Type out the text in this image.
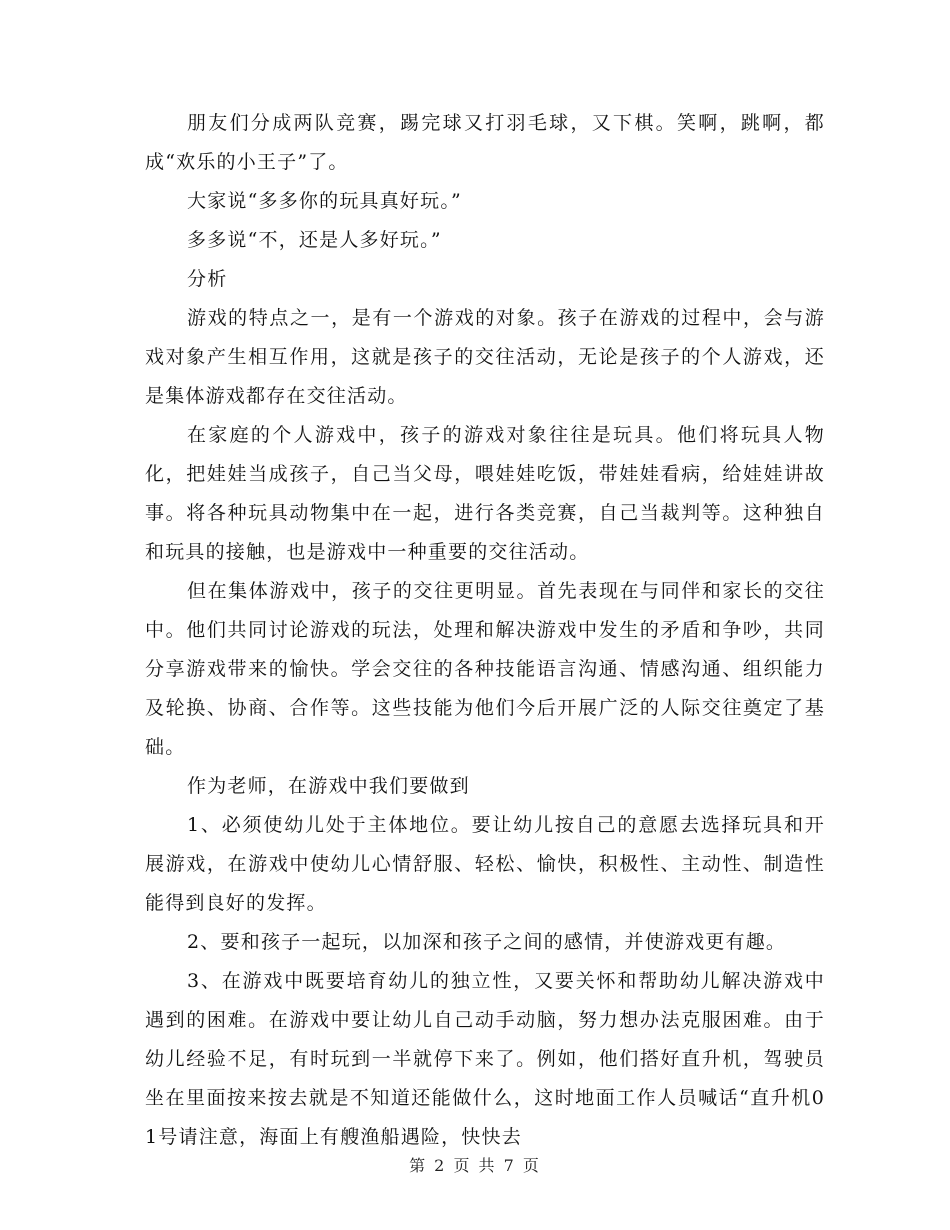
朋友们分成两队竞赛，踢完球又打羽毛球，又下棋。笑啊，跳啊，都成“欢乐的小王子”了。

大家说“多多你的玩具真好玩。”

多多说“不，还是人多好玩。”

分析

游戏的特点之一，是有一个游戏的对象。孩子在游戏的过程中，会与游戏对象产生相互作用，这就是孩子的交往活动，无论是孩子的个人游戏，还是集体游戏都存在交往活动。

在家庭的个人游戏中，孩子的游戏对象往往是玩具。他们将玩具人物化，把娃娃当成孩子，自己当父母，喂娃娃吃饭，带娃娃看病，给娃娃讲故事。将各种玩具动物集中在一起，进行各类竞赛，自己当裁判等。这种独自和玩具的接触，也是游戏中一种重要的交往活动。

但在集体游戏中，孩子的交往更明显。首先表现在与同伴和家长的交往中。他们共同讨论游戏的玩法，处理和解决游戏中发生的矛盾和争吵，共同分享游戏带来的愉快。学会交往的各种技能语言沟通、情感沟通、组织能力及轮换、协商、合作等。这些技能为他们今后开展广泛的人际交往奠定了基础。

作为老师，在游戏中我们要做到

1、必须使幼儿处于主体地位。要让幼儿按自己的意愿去选择玩具和开展游戏，在游戏中使幼儿心情舒服、轻松、愉快，积极性、主动性、制造性能得到良好的发挥。

2、要和孩子一起玩，以加深和孩子之间的感情，并使游戏更有趣。

3、在游戏中既要培育幼儿的独立性，又要关怀和帮助幼儿解决游戏中遇到的困难。在游戏中要让幼儿自己动手动脑，努力想办法克服困难。由于幼儿经验不足，有时玩到一半就停下来了。例如，他们搭好直升机，驾驶员坐在里面按来按去就是不知道还能做什么，这时地面工作人员喊话“直升机01号请注意，海面上有艘渔船遇险，快快去

第 2 页 共 7 页
